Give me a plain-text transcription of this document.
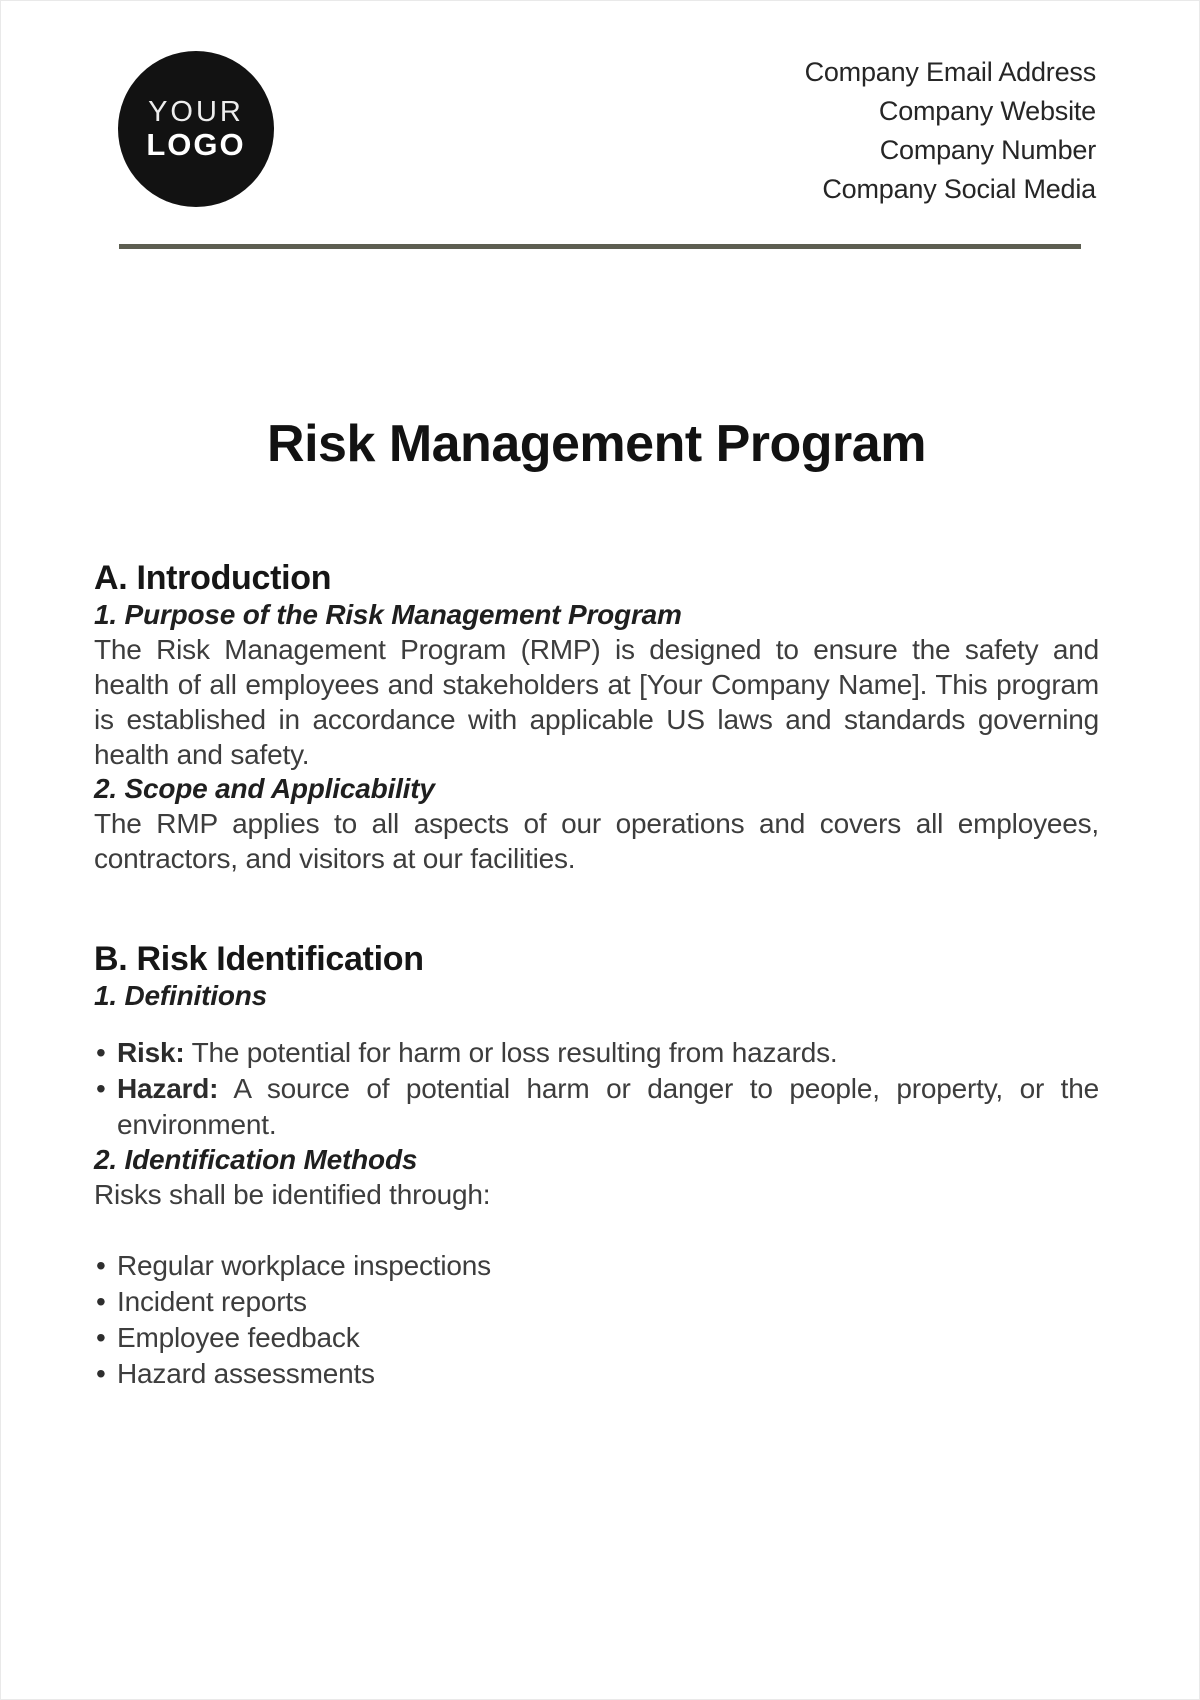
YOUR
LOGO
Company Email Address
Company Website
Company Number
Company Social Media
Risk Management Program
A. Introduction
1. Purpose of the Risk Management Program

The Risk Management Program (RMP) is designed to ensure the safety and health of all employees and stakeholders at [Your Company Name]. This program is established in accordance with applicable US laws and standards governing health and safety.

2. Scope and Applicability

The RMP applies to all aspects of our operations and covers all employees, contractors, and visitors at our facilities.

B. Risk Identification
1. Definitions
• Risk: The potential for harm or loss resulting from hazards.
• Hazard: A source of potential harm or danger to people, property, or the environment.
2. Identification Methods

Risks shall be identified through:

• Regular workplace inspections
• Incident reports
• Employee feedback
• Hazard assessments
